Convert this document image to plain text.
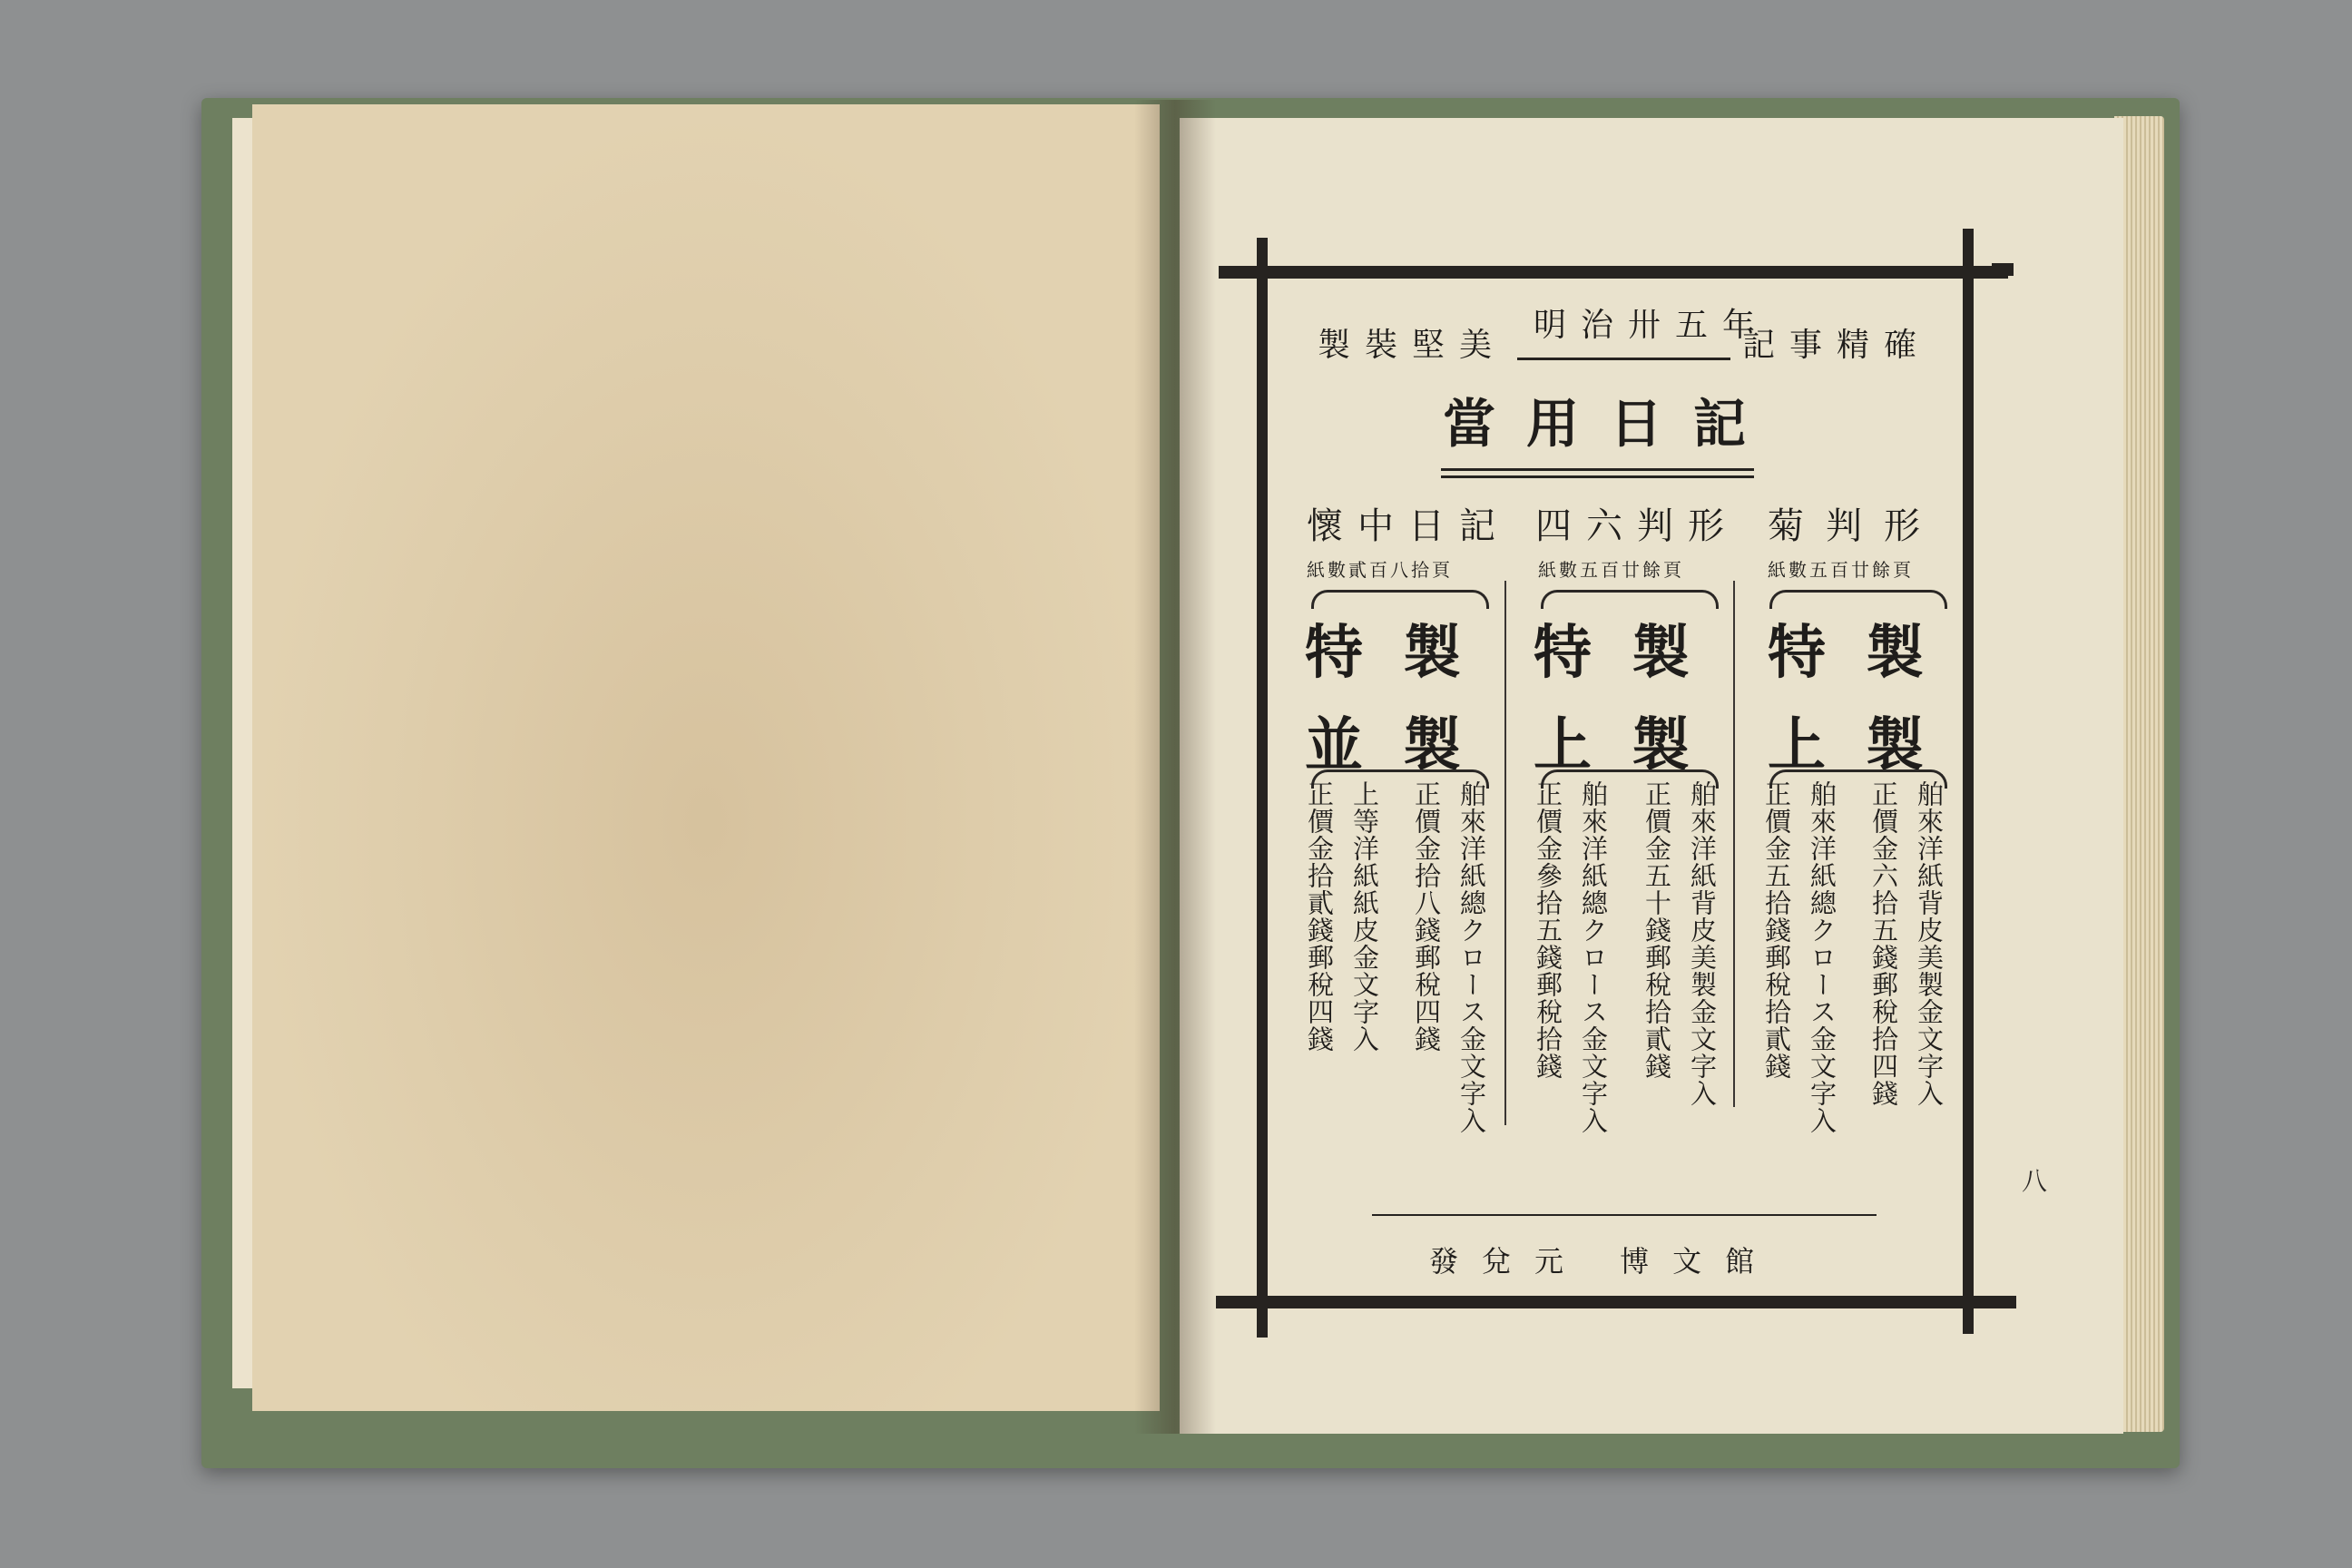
記事精確
明治卅五年
製裝堅美
當用日記
菊判形
紙數五百廿餘頁
特製
上製
舶來洋紙背皮美製金文字入
正價金六拾五錢郵稅拾四錢
舶來洋紙總クロース金文字入
正價金五拾錢郵稅拾貳錢
四六判形
紙數五百廿餘頁
特製
上製
舶來洋紙背皮美製金文字入
正價金五十錢郵稅拾貳錢
舶來洋紙總クロース金文字入
正價金參拾五錢郵稅拾錢
懷中日記
紙數貳百八拾頁
特製
並製
舶來洋紙總クロース金文字入
正價金拾八錢郵稅四錢
上等洋紙紙皮金文字入
正價金拾貳錢郵稅四錢
發兌元 博文館
八
